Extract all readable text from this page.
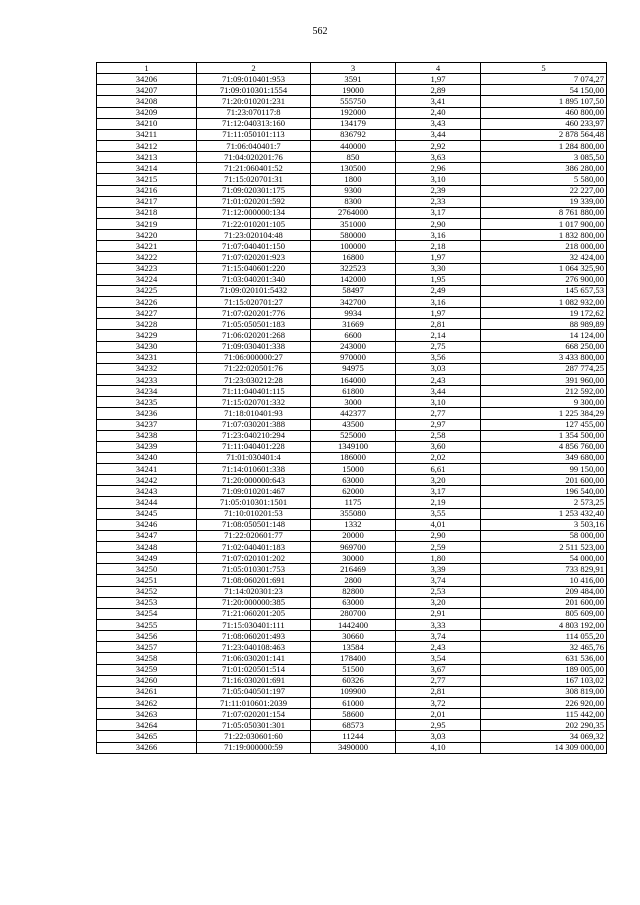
562
1	2	3	4	5
34206	71:09:010401:953	3591	1,97	7 074,27
34207	71:09:010301:1554	19000	2,89	54 150,00
34208	71:20:010201:231	555750	3,41	1 895 107,50
34209	71:23:070117:8	192000	2,40	460 800,00
34210	71:12:040313:160	134179	3,43	460 233,97
34211	71:11:050101:113	836792	3,44	2 878 564,48
34212	71:06:040401:7	440000	2,92	1 284 800,00
34213	71:04:020201:76	850	3,63	3 085,50
34214	71:21:060401:52	130500	2,96	386 280,00
34215	71:15:020701:31	1800	3,10	5 580,00
34216	71:09:020301:175	9300	2,39	22 227,00
34217	71:01:020201:592	8300	2,33	19 339,00
34218	71:12:000000:134	2764000	3,17	8 761 880,00
34219	71:22:010201:105	351000	2,90	1 017 900,00
34220	71:23:020104:48	580000	3,16	1 832 800,00
34221	71:07:040401:150	100000	2,18	218 000,00
34222	71:07:020201:923	16800	1,97	32 424,00
34223	71:15:040601:220	322523	3,30	1 064 325,90
34224	71:03:040201:340	142000	1,95	276 900,00
34225	71:09:020101:5432	58497	2,49	145 657,53
34226	71:15:020701:27	342700	3,16	1 082 932,00
34227	71:07:020201:776	9934	1,97	19 172,62
34228	71:05:050501:183	31669	2,81	88 989,89
34229	71:06:020201:268	6600	2,14	14 124,00
34230	71:09:030401:338	243000	2,75	668 250,00
34231	71:06:000000:27	970000	3,56	3 433 800,00
34232	71:22:020501:76	94975	3,03	287 774,25
34233	71:23:030212:28	164000	2,43	391 960,00
34234	71:11:040401:115	61800	3,44	212 592,00
34235	71:15:020701:332	3000	3,10	9 300,00
34236	71:18:010401:93	442377	2,77	1 225 384,29
34237	71:07:030201:388	43500	2,97	127 455,00
34238	71:23:040210:294	525000	2,58	1 354 500,00
34239	71:11:040401:228	1349100	3,60	4 856 760,00
34240	71:01:030401:4	186000	2,02	349 680,00
34241	71:14:010601:338	15000	6,61	99 150,00
34242	71:20:000000:643	63000	3,20	201 600,00
34243	71:09:010201:467	62000	3,17	196 540,00
34244	71:05:010301:1501	1175	2,19	2 573,25
34245	71:10:010201:53	355080	3,55	1 253 432,40
34246	71:08:050501:148	1332	4,01	3 503,16
34247	71:22:020601:77	20000	2,90	58 000,00
34248	71:02:040401:183	969700	2,59	2 511 523,00
34249	71:07:020101:202	30000	1,80	54 000,00
34250	71:05:010301:753	216469	3,39	733 829,91
34251	71:08:060201:691	2800	3,74	10 416,00
34252	71:14:020301:23	82800	2,53	209 484,00
34253	71:20:000000:385	63000	3,20	201 600,00
34254	71:21:060201:205	280700	2,91	805 609,00
34255	71:15:030401:111	1442400	3,33	4 803 192,00
34256	71:08:060201:493	30660	3,74	114 055,20
34257	71:23:040108:463	13584	2,43	32 465,76
34258	71:06:030201:141	178400	3,54	631 536,00
34259	71:01:020501:514	51500	3,67	189 005,00
34260	71:16:030201:691	60326	2,77	167 103,02
34261	71:05:040501:197	109900	2,81	308 819,00
34262	71:11:010601:2039	61000	3,72	226 920,00
34263	71:07:020201:154	58600	2,01	115 442,00
34264	71:05:050301:301	68573	2,95	202 290,35
34265	71:22:030601:60	11244	3,03	34 069,32
34266	71:19:000000:59	3490000	4,10	14 309 000,00
